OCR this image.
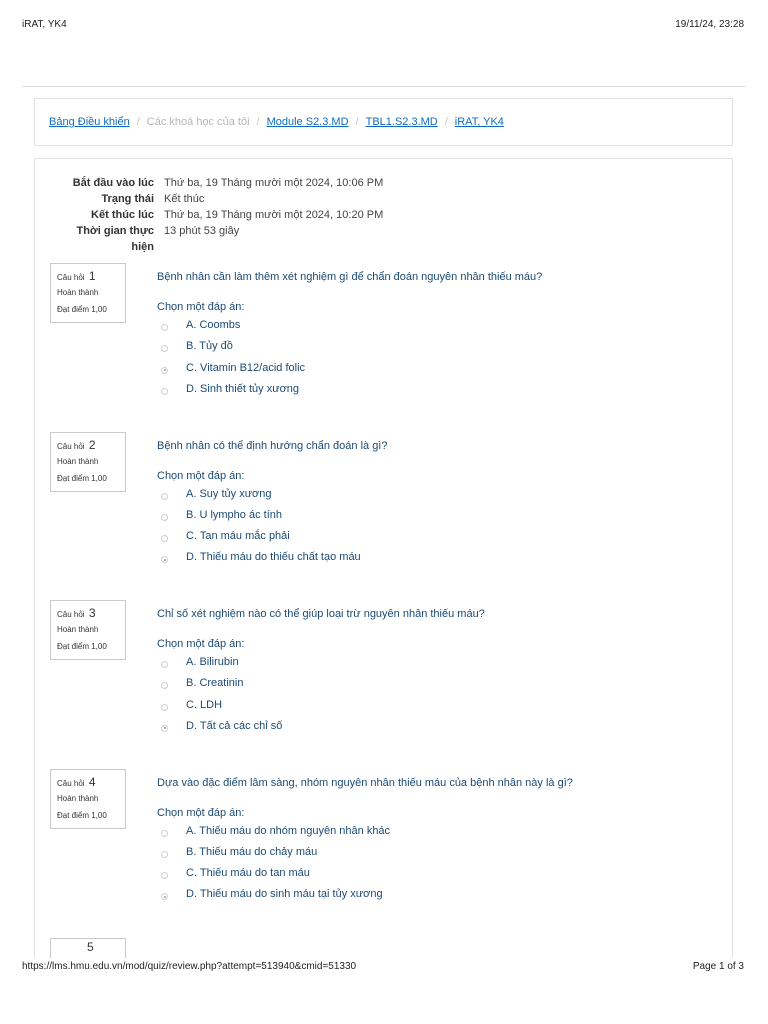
iRAT, YK4	19/11/24, 23:28
Bảng Điều khiển / Các khoá học của tôi / Module S2.3.MD / TBL1.S2.3.MD / iRAT, YK4
Bắt đầu vào lúc Thứ ba, 19 Tháng mười một 2024, 10:06 PM
Trạng thái Kết thúc
Kết thúc lúc Thứ ba, 19 Tháng mười một 2024, 10:20 PM
Thời gian thực
hiện
13 phút 53 giây
Câu hỏi 1
Hoàn thành
Đạt điểm 1,00
Bệnh nhân cần làm thêm xét nghiệm gì để chẩn đoán nguyên nhân thiếu máu?
Chọn một đáp án:
A. Coombs
B. Tủy đồ
C. Vitamin B12/acid folic
D. Sinh thiết tủy xương
Câu hỏi 2
Hoàn thành
Đạt điểm 1,00
Bệnh nhân có thể định hướng chẩn đoán là gì?
Chọn một đáp án:
A. Suy tủy xương
B. U lympho ác tính
C. Tan máu mắc phải
D. Thiếu máu do thiếu chất tạo máu
Câu hỏi 3
Hoàn thành
Đạt điểm 1,00
Chỉ số xét nghiệm nào có thể giúp loại trừ nguyên nhân thiếu máu?
Chọn một đáp án:
A. Bilirubin
B. Creatinin
C. LDH
D. Tất cả các chỉ số
Câu hỏi 4
Hoàn thành
Đạt điểm 1,00
Dựa vào đặc điểm lâm sàng, nhóm nguyên nhân thiếu máu của bệnh nhân này là gì?
Chọn một đáp án:
A. Thiếu máu do nhóm nguyên nhân khác
B. Thiếu máu do chảy máu
C. Thiếu máu do tan máu
D. Thiếu máu do sinh máu tại tủy xương
5
https://lms.hmu.edu.vn/mod/quiz/review.php?attempt=513940&cmid=51330	Page 1 of 3
